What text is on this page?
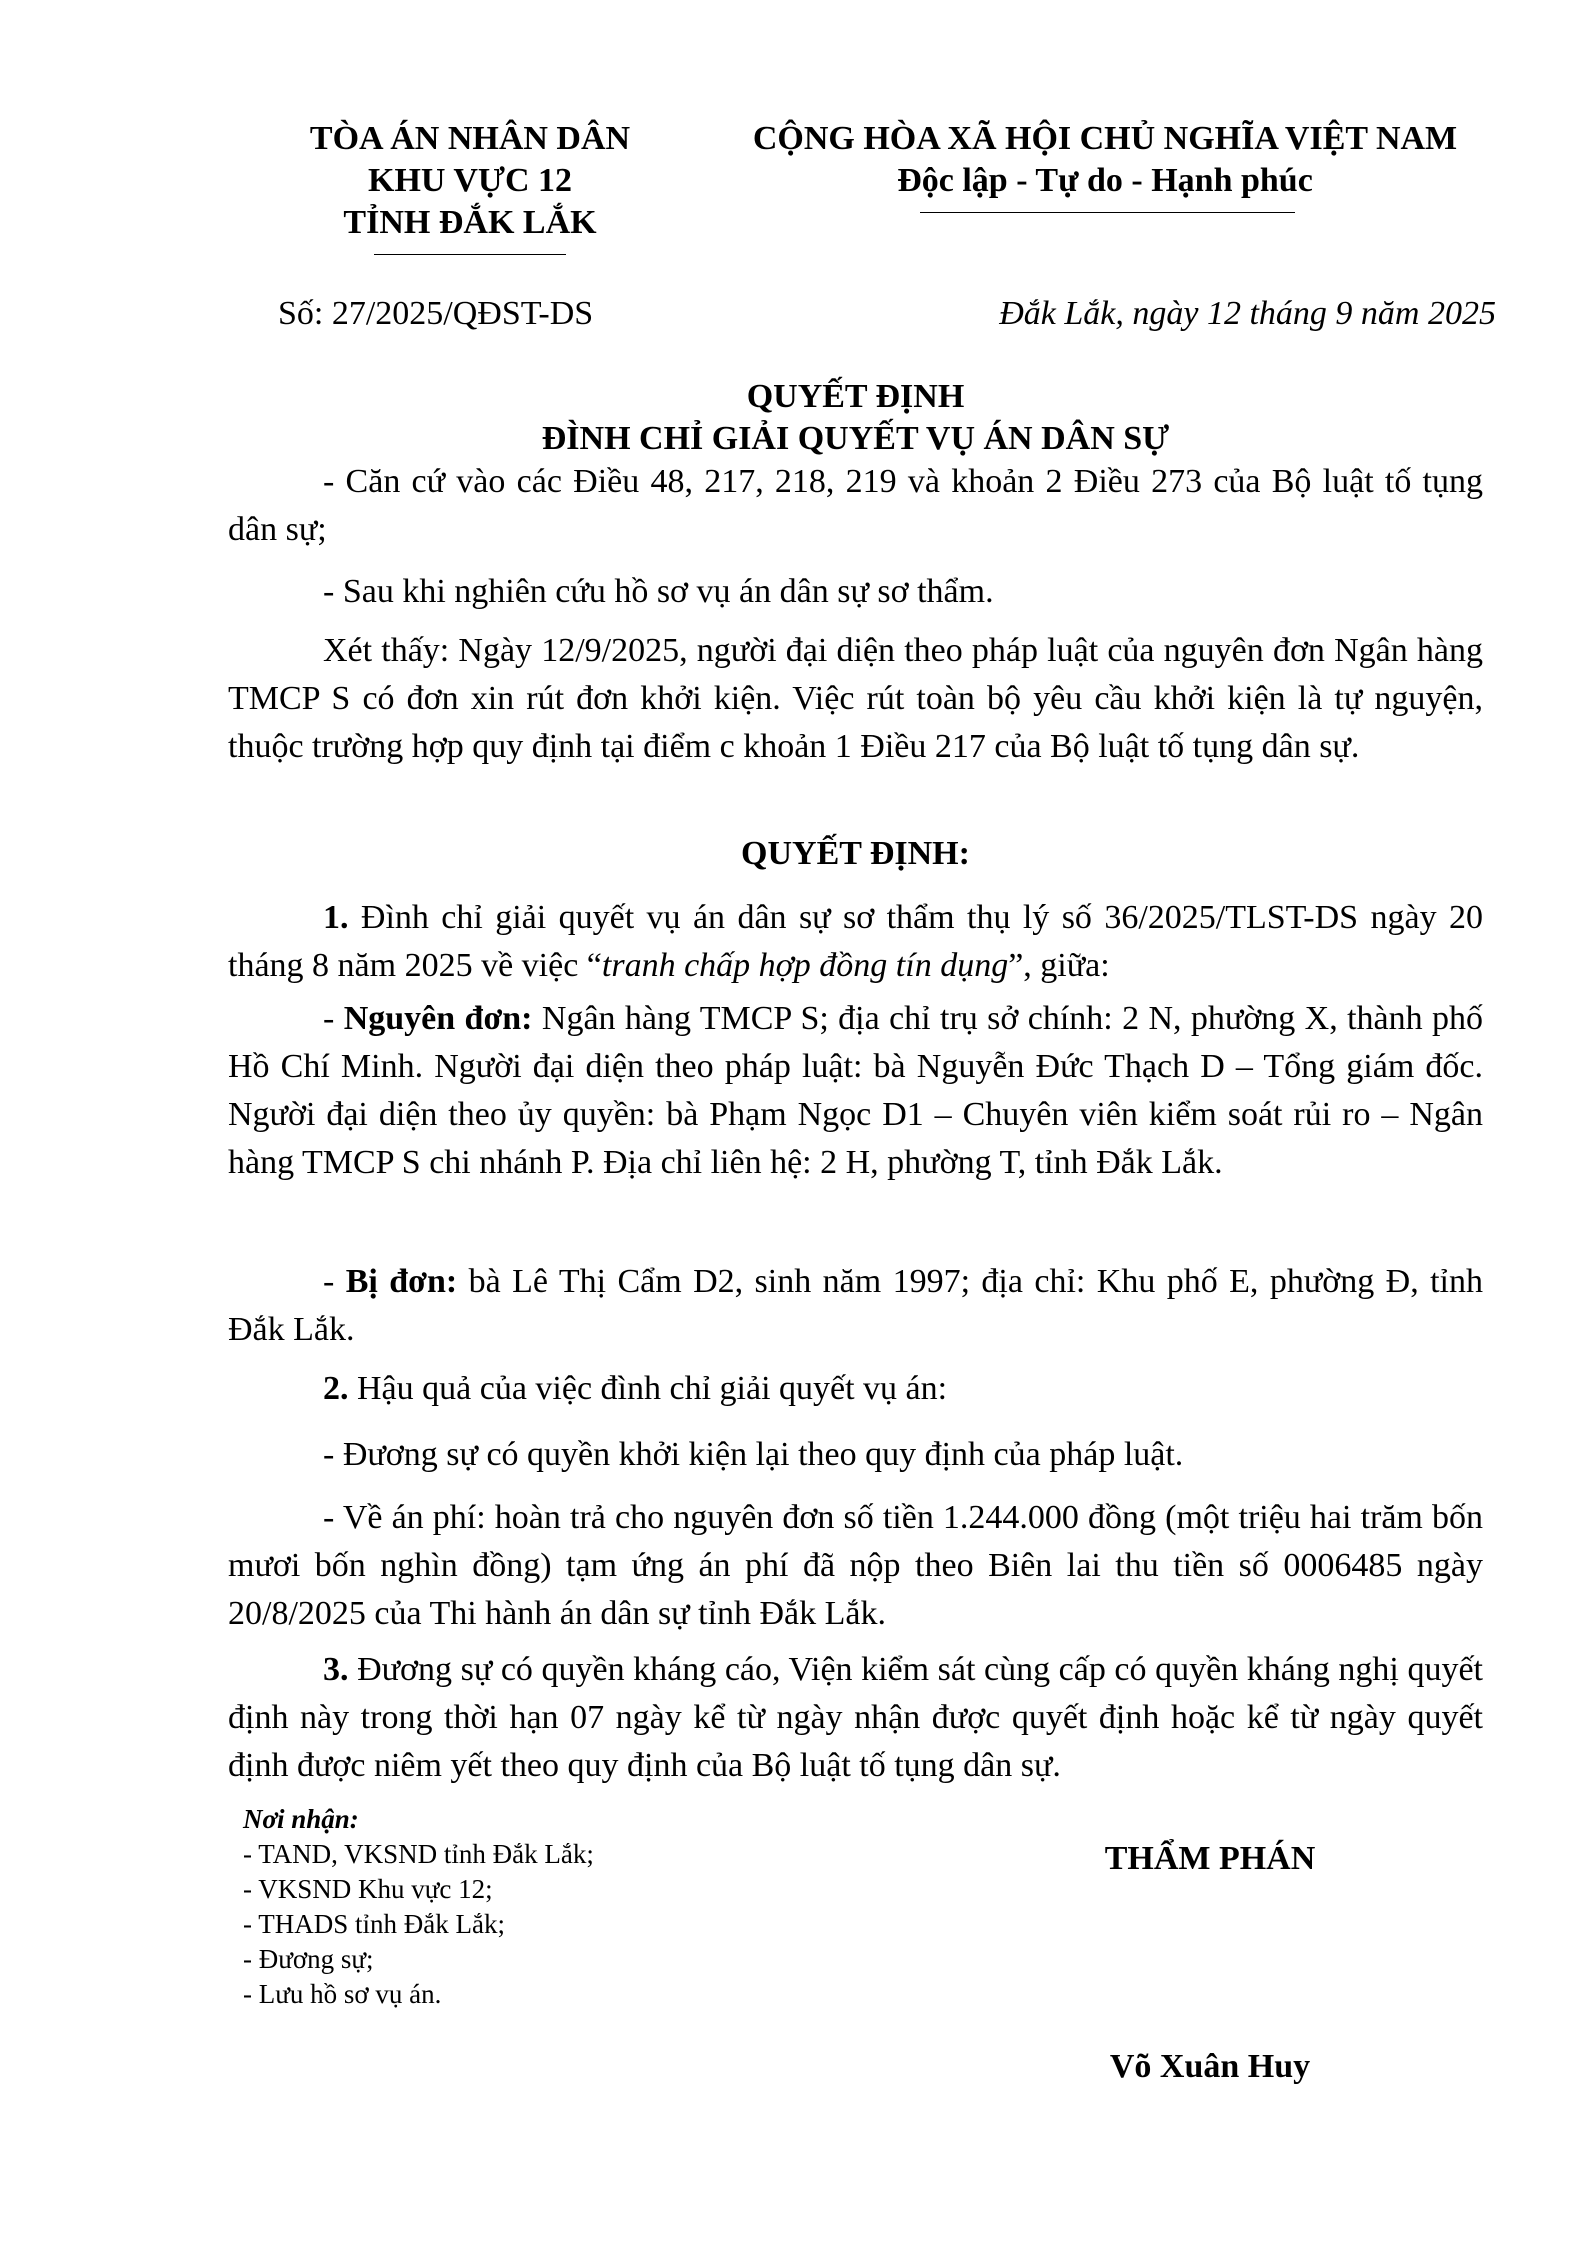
TÒA ÁN NHÂN DÂN
KHU VỰC 12
TỈNH ĐẮK LẮK
CỘNG HÒA XÃ HỘI CHỦ NGHĨA VIỆT NAM
Độc lập - Tự do - Hạnh phúc
Số: 27/2025/QĐST-DS	Đắk Lắk, ngày 12 tháng 9 năm 2025
QUYẾT ĐỊNH
ĐÌNH CHỈ GIẢI QUYẾT VỤ ÁN DÂN SỰ
- Căn cứ vào các Điều 48, 217, 218, 219 và khoản 2 Điều 273 của Bộ luật tố tụng dân sự;
- Sau khi nghiên cứu hồ sơ vụ án dân sự sơ thẩm.
Xét thấy: Ngày 12/9/2025, người đại diện theo pháp luật của nguyên đơn Ngân hàng TMCP S có đơn xin rút đơn khởi kiện. Việc rút toàn bộ yêu cầu khởi kiện là tự nguyện, thuộc trường hợp quy định tại điểm c khoản 1 Điều 217 của Bộ luật tố tụng dân sự.
QUYẾT ĐỊNH:
1. Đình chỉ giải quyết vụ án dân sự sơ thẩm thụ lý số 36/2025/TLST-DS ngày 20 tháng 8 năm 2025 về việc “tranh chấp hợp đồng tín dụng”, giữa:
- Nguyên đơn: Ngân hàng TMCP S; địa chỉ trụ sở chính: 2 N, phường X, thành phố Hồ Chí Minh. Người đại diện theo pháp luật: bà Nguyễn Đức Thạch D – Tổng giám đốc. Người đại diện theo ủy quyền: bà Phạm Ngọc D1 – Chuyên viên kiểm soát rủi ro – Ngân hàng TMCP S chi nhánh P. Địa chỉ liên hệ: 2 H, phường T, tỉnh Đắk Lắk.
- Bị đơn: bà Lê Thị Cẩm D2, sinh năm 1997; địa chỉ: Khu phố E, phường Đ, tỉnh Đắk Lắk.
2. Hậu quả của việc đình chỉ giải quyết vụ án:
- Đương sự có quyền khởi kiện lại theo quy định của pháp luật.
- Về án phí: hoàn trả cho nguyên đơn số tiền 1.244.000 đồng (một triệu hai trăm bốn mươi bốn nghìn đồng) tạm ứng án phí đã nộp theo Biên lai thu tiền số 0006485 ngày 20/8/2025 của Thi hành án dân sự tỉnh Đắk Lắk.
3. Đương sự có quyền kháng cáo, Viện kiểm sát cùng cấp có quyền kháng nghị quyết định này trong thời hạn 07 ngày kể từ ngày nhận được quyết định hoặc kể từ ngày quyết định được niêm yết theo quy định của Bộ luật tố tụng dân sự.
Nơi nhận:
- TAND, VKSND tỉnh Đắk Lắk;
- VKSND Khu vực 12;
- THADS tỉnh Đắk Lắk;
- Đương sự;
- Lưu hồ sơ vụ án.
THẨM PHÁN
Võ Xuân Huy
